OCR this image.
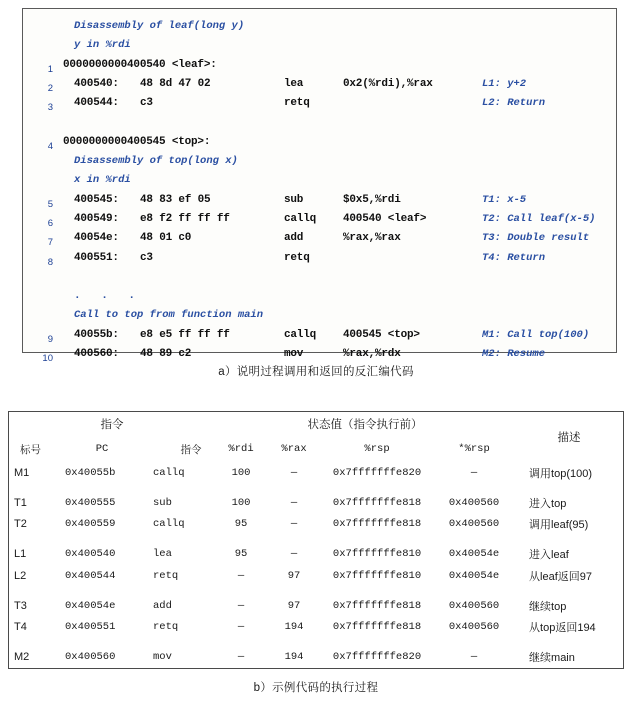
Disassembly of leaf(long y)
y in %rdi
1 0000000000400540 <leaf>:
2 400540: 48 8d 47 02	lea	0x2(%rdi),%rax	L1: y+2
3 400544: c3	retq	L2: Return
4 0000000000400545 <top>:
Disassembly of top(long x)
x in %rdi
5 400545: 48 83 ef 05	sub	$0x5,%rdi	T1: x-5
6 400549: e8 f2 ff ff ff	callq 400540 <leaf>	T2: Call leaf(x-5)
7 40054e: 48 01 c0	add	%rax,%rax	T3: Double result
8 400551: c3	retq	T4: Return
. . .
Call to top from function main
9 40055b: e8 e5 ff ff ff	callq 400545 <top>	M1: Call top(100)
10 400560: 48 89 c2	mov	%rax,%rdx	M2: Resume
a）说明过程调用和返回的反汇编代码
指令			状态值（指令执行前）				描述
标号	PC	指令	%rdi	%rax	%rsp	*%rsp	
M1	0x40055b	callq	100	—	0x7fffffffe820	—	调用top(100)

T1	0x400555	sub	100	—	0x7fffffffe818	0x400560	进入top
T2	0x400559	callq	95	—	0x7fffffffe818	0x400560	调用leaf(95)

L1	0x400540	lea	95	—	0x7fffffffe810	0x40054e	进入leaf
L2	0x400544	retq	—	97	0x7fffffffe810	0x40054e	从leaf返回97

T3	0x40054e	add	—	97	0x7fffffffe818	0x400560	继续top
T4	0x400551	retq	—	194	0x7fffffffe818	0x400560	从top返回194

M2	0x400560	mov	—	194	0x7fffffffe820	—	继续main
b）示例代码的执行过程
